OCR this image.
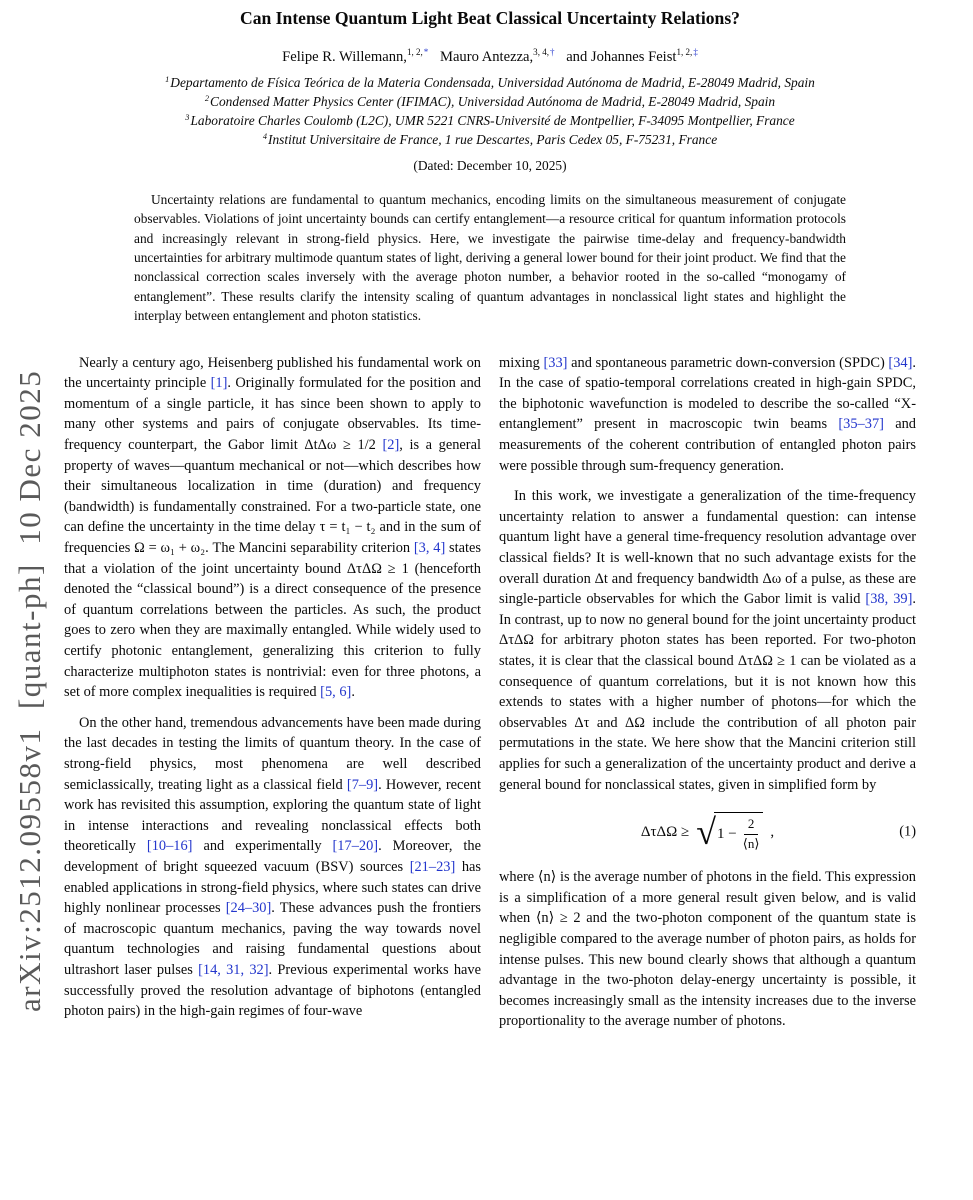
arXiv:2512.09558v1  [quant-ph]  10 Dec 2025
Can Intense Quantum Light Beat Classical Uncertainty Relations?
Felipe R. Willemann,$^{1, 2,*}$ Mauro Antezza,$^{3, 4,\dagger}$ and Johannes Feist$^{1, 2,\ddagger}$
$^1$Departamento de Física Teórica de la Materia Condensada, Universidad Autónoma de Madrid, E-28049 Madrid, Spain
$^2$Condensed Matter Physics Center (IFIMAC), Universidad Autónoma de Madrid, E-28049 Madrid, Spain
$^3$Laboratoire Charles Coulomb (L2C), UMR 5221 CNRS-Université de Montpellier, F-34095 Montpellier, France
$^4$Institut Universitaire de France, 1 rue Descartes, Paris Cedex 05, F-75231, France
(Dated: December 10, 2025)
Uncertainty relations are fundamental to quantum mechanics, encoding limits on the simultaneous measurement of conjugate observables. Violations of joint uncertainty bounds can certify entanglement—a resource critical for quantum information protocols and increasingly relevant in strong-field physics. Here, we investigate the pairwise time-delay and frequency-bandwidth uncertainties for arbitrary multimode quantum states of light, deriving a general lower bound for their joint product. We find that the nonclassical correction scales inversely with the average photon number, a behavior rooted in the so-called “monogamy of entanglement”. These results clarify the intensity scaling of quantum advantages in nonclassical light states and highlight the interplay between entanglement and photon statistics.

Nearly a century ago, Heisenberg published his fundamental work on the uncertainty principle [1]. Originally formulated for the position and momentum of a single particle, it has since been shown to apply to many other systems and pairs of conjugate observables. Its time-frequency counterpart, the Gabor limit ΔtΔω ≥ 1/2 [2], is a general property of waves—quantum mechanical or not—which describes how their simultaneous localization in time (duration) and frequency (bandwidth) is fundamentally constrained. For a two-particle state, one can define the uncertainty in the time delay τ = t₁ − t₂ and in the sum of frequencies Ω = ω₁ + ω₂. The Mancini separability criterion [3, 4] states that a violation of the joint uncertainty bound ΔτΔΩ ≥ 1 (henceforth denoted the “classical bound”) is a direct consequence of the presence of quantum correlations between the particles. As such, the product goes to zero when they are maximally entangled. While widely used to certify photonic entanglement, generalizing this criterion to fully characterize multiphoton states is nontrivial: even for three photons, a set of more complex inequalities is required [5, 6].

On the other hand, tremendous advancements have been made during the last decades in testing the limits of quantum theory. In the case of strong-field physics, most phenomena are well described semiclassically, treating light as a classical field [7–9]. However, recent work has revisited this assumption, exploring the quantum state of light in intense interactions and revealing nonclassical effects both theoretically [10–16] and experimentally [17–20]. Moreover, the development of bright squeezed vacuum (BSV) sources [21–23] has enabled applications in strong-field physics, where such states can drive highly nonlinear processes [24–30]. These advances push the frontiers of macroscopic quantum mechanics, paving the way towards novel quantum technologies and raising fundamental questions about ultrashort laser pulses [14, 31, 32]. Previous experimental works have successfully proved the resolution advantage of biphotons (entangled photon pairs) in the high-gain regimes of four-wave

mixing [33] and spontaneous parametric down-conversion (SPDC) [34]. In the case of spatio-temporal correlations created in high-gain SPDC, the biphotonic wavefunction is modeled to describe the so-called “X-entanglement” present in macroscopic twin beams [35–37] and measurements of the coherent contribution of entangled photon pairs were possible through sum-frequency generation.

In this work, we investigate a generalization of the time-frequency uncertainty relation to answer a fundamental question: can intense quantum light have a general time-frequency resolution advantage over classical fields? It is well-known that no such advantage exists for the overall duration Δt and frequency bandwidth Δω of a pulse, as these are single-particle observables for which the Gabor limit is valid [38, 39]. In contrast, up to now no general bound for the joint uncertainty product ΔτΔΩ for arbitrary photon states has been reported. For two-photon states, it is clear that the classical bound ΔτΔΩ ≥ 1 can be violated as a consequence of quantum correlations, but it is not known how this extends to states with a higher number of photons—for which the observables Δτ and ΔΩ include the contribution of all photon pair permutations in the state. We here show that the Mancini criterion still applies for such a generalization of the uncertainty product and derive a general bound for nonclassical states, given in simplified form by

ΔτΔΩ ≥ √ $1 - \frac{2}{⟨n⟩}$ ,	(1)

where ⟨n⟩ is the average number of photons in the field. This expression is a simplification of a more general result given below, and is valid when ⟨n⟩ ≥ 2 and the two-photon component of the quantum state is negligible compared to the average number of photon pairs, as holds for intense pulses. This new bound clearly shows that although a quantum advantage in the two-photon delay-energy uncertainty is possible, it becomes increasingly small as the intensity increases due to the inverse proportionality to the average number of photons.
